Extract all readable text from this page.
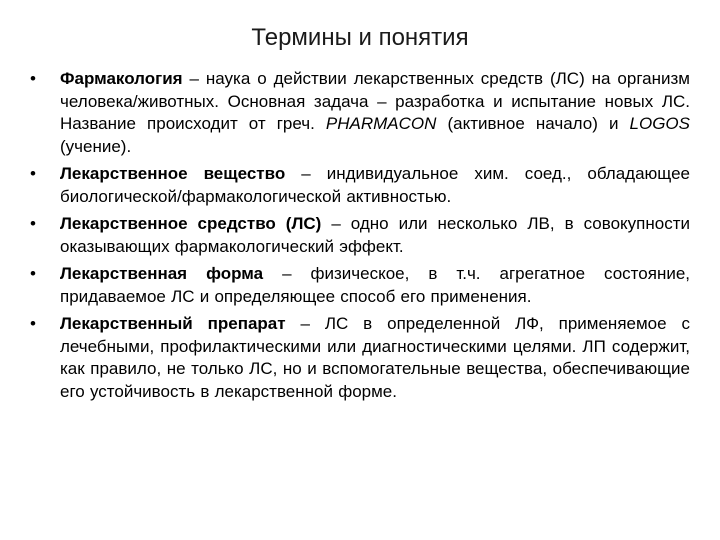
Термины и понятия
•	Фармакология – наука о действии лекарственных средств (ЛС) на организм человека/животных. Основная задача – разработка и испытание новых ЛС. Название происходит от греч. PHARMACON (активное начало) и LOGOS (учение).
•	Лекарственное вещество – индивидуальное хим. соед., обладающее биологической/фармакологической активностью.
•	Лекарственное средство (ЛС) – одно или несколько ЛВ, в совокупности оказывающих фармакологический эффект.
•	Лекарственная форма – физическое, в т.ч. агрегатное состояние, придаваемое ЛС и определяющее способ его применения.
•	Лекарственный препарат – ЛС в определенной ЛФ, применяемое с лечебными, профилактическими или диагностическими целями. ЛП содержит, как правило, не только ЛС, но и вспомогательные вещества, обеспечивающие его устойчивость в лекарственной форме.
